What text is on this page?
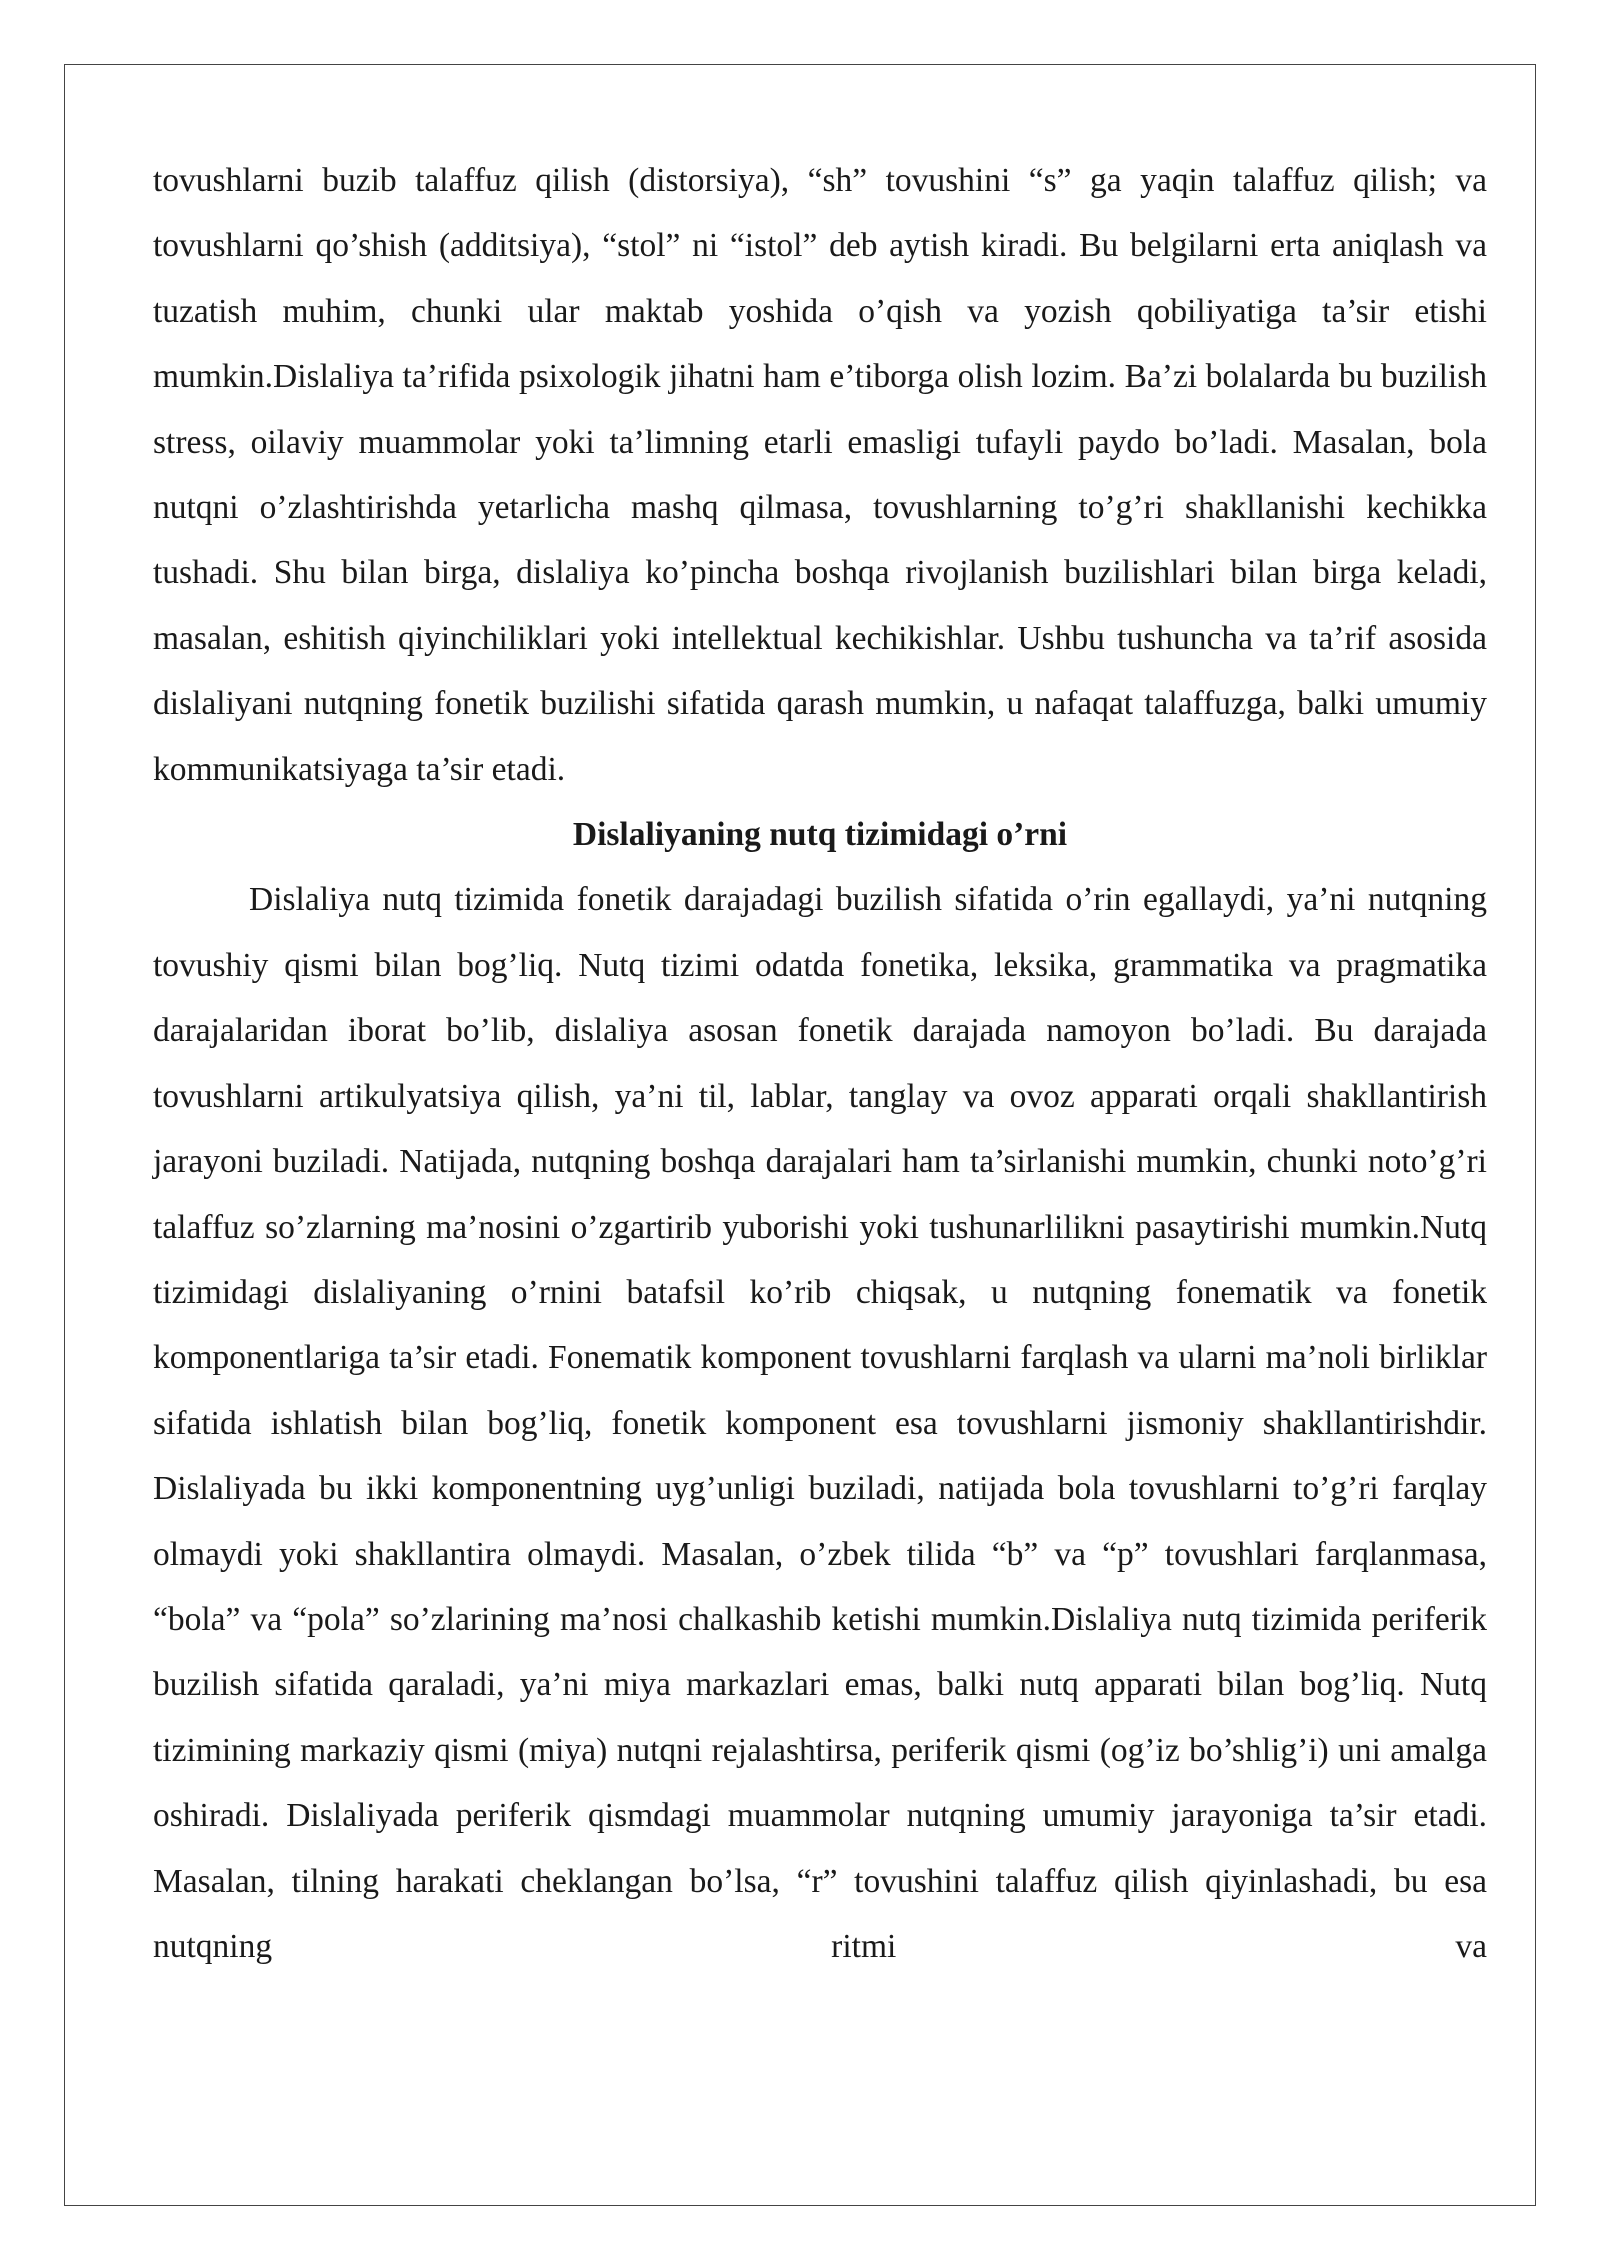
tovushlarni buzib talaffuz qilish (distorsiya), “sh” tovushini “s” ga yaqin talaffuz qilish; va tovushlarni qo’shish (additsiya), “stol” ni “istol” deb aytish kiradi. Bu belgilarni erta aniqlash va tuzatish muhim, chunki ular maktab yoshida o’qish va yozish qobiliyatiga ta’sir etishi mumkin.Dislaliya ta’rifida psixologik jihatni ham e’tiborga olish lozim. Ba’zi bolalarda bu buzilish stress, oilaviy muammolar yoki ta’limning etarli emasligi tufayli paydo bo’ladi. Masalan, bola nutqni o’zlashtirishda yetarlicha mashq qilmasa, tovushlarning to’g’ri shakllanishi kechikka tushadi. Shu bilan birga, dislaliya ko’pincha boshqa rivojlanish buzilishlari bilan birga keladi, masalan, eshitish qiyinchiliklari yoki intellektual kechikishlar. Ushbu tushuncha va ta’rif asosida dislaliyani nutqning fonetik buzilishi sifatida qarash mumkin, u nafaqat talaffuzga, balki umumiy kommunikatsiyaga ta’sir etadi.

Dislaliyaning nutq tizimidagi o’rni

Dislaliya nutq tizimida fonetik darajadagi buzilish sifatida o’rin egallaydi, ya’ni nutqning tovushiy qismi bilan bog’liq. Nutq tizimi odatda fonetika, leksika, grammatika va pragmatika darajalaridan iborat bo’lib, dislaliya asosan fonetik darajada namoyon bo’ladi. Bu darajada tovushlarni artikulyatsiya qilish, ya’ni til, lablar, tanglay va ovoz apparati orqali shakllantirish jarayoni buziladi. Natijada, nutqning boshqa darajalari ham ta’sirlanishi mumkin, chunki noto’g’ri talaffuz so’zlarning ma’nosini o’zgartirib yuborishi yoki tushunarlilikni pasaytirishi mumkin.Nutq tizimidagi dislaliyaning o’rnini batafsil ko’rib chiqsak, u nutqning fonematik va fonetik komponentlariga ta’sir etadi. Fonematik komponent tovushlarni farqlash va ularni ma’noli birliklar sifatida ishlatish bilan bog’liq, fonetik komponent esa tovushlarni jismoniy shakllantirishdir. Dislaliyada bu ikki komponentning uyg’unligi buziladi, natijada bola tovushlarni to’g’ri farqlay olmaydi yoki shakllantira olmaydi. Masalan, o’zbek tilida “b” va “p” tovushlari farqlanmasa, “bola” va “pola” so’zlarining ma’nosi chalkashib ketishi mumkin.Dislaliya nutq tizimida periferik buzilish sifatida qaraladi, ya’ni miya markazlari emas, balki nutq apparati bilan bog’liq. Nutq tizimining markaziy qismi (miya) nutqni rejalashtirsa, periferik qismi (og’iz bo’shlig’i) uni amalga oshiradi. Dislaliyada periferik qismdagi muammolar nutqning umumiy jarayoniga ta’sir etadi. Masalan, tilning harakati cheklangan bo’lsa, “r” tovushini talaffuz qilish qiyinlashadi, bu esa nutqning ritmi va
